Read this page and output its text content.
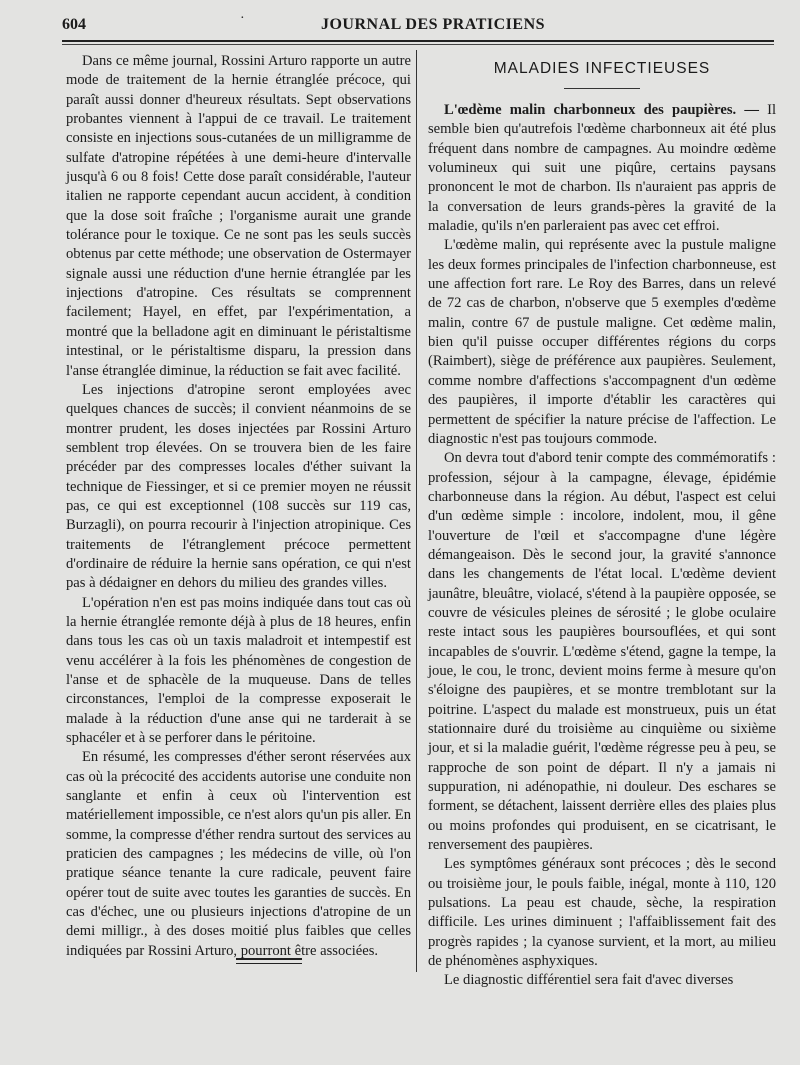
604	·	JOURNAL DES PRATICIENS

Dans ce même journal, Rossini Arturo rapporte un autre mode de traitement de la hernie étranglée précoce, qui paraît aussi donner d'heureux résultats. Sept observations probantes viennent à l'appui de ce travail. Le traitement consiste en injections sous-cutanées de un milligramme de sulfate d'atropine répétées à une demi-heure d'intervalle jusqu'à 6 ou 8 fois! Cette dose paraît considérable, l'auteur italien ne rapporte cependant aucun accident, à condition que la dose soit fraîche ; l'organisme aurait une grande tolérance pour le toxique. Ce ne sont pas les seuls succès obtenus par cette méthode; une observation de Ostermayer signale aussi une réduction d'une hernie étranglée par les injections d'atropine. Ces résultats se comprennent facilement; Hayel, en effet, par l'expérimentation, a montré que la belladone agit en diminuant le péristaltisme intestinal, or le péristaltisme disparu, la pression dans l'anse étranglée diminue, la réduction se fait avec facilité.

Les injections d'atropine seront employées avec quelques chances de succès; il convient néanmoins de se montrer prudent, les doses injectées par Rossini Arturo semblent trop élevées. On se trouvera bien de les faire précéder par des compresses locales d'éther suivant la technique de Fiessinger, et si ce premier moyen ne réussit pas, ce qui est exceptionnel (108 succès sur 119 cas, Burzagli), on pourra recourir à l'injection atropinique. Ces traitements de l'étranglement précoce permettent d'ordinaire de réduire la hernie sans opération, ce qui n'est pas à dédaigner en dehors du milieu des grandes villes.

L'opération n'en est pas moins indiquée dans tout cas où la hernie étranglée remonte déjà à plus de 18 heures, enfin dans tous les cas où un taxis maladroit et intempestif est venu accélérer à la fois les phénomènes de congestion de l'anse et de sphacèle de la muqueuse. Dans de telles circonstances, l'emploi de la compresse exposerait le malade à la réduction d'une anse qui ne tarderait à se sphacéler et à se perforer dans le péritoine.

En résumé, les compresses d'éther seront réservées aux cas où la précocité des accidents autorise une conduite non sanglante et enfin à ceux où l'intervention est matériellement impossible, ce n'est alors qu'un pis aller. En somme, la compresse d'éther rendra surtout des services au praticien des campagnes ; les médecins de ville, où l'on pratique séance tenante la cure radicale, peuvent faire opérer tout de suite avec toutes les garanties de succès. En cas d'échec, une ou plusieurs injections d'atropine de un demi milligr., à des doses moitié plus faibles que celles indiquées par Rossini Arturo, pourront être associées.

MALADIES INFECTIEUSES

L'œdème malin charbonneux des paupières. — Il semble bien qu'autrefois l'œdème charbonneux ait été plus fréquent dans nombre de campagnes. Au moindre œdème volumineux qui suit une piqûre, certains paysans prononcent le mot de charbon. Ils n'auraient pas appris de la conversation de leurs grands-pères la gravité de la maladie, qu'ils n'en parleraient pas avec cet effroi.

L'œdème malin, qui représente avec la pustule maligne les deux formes principales de l'infection charbonneuse, est une affection fort rare. Le Roy des Barres, dans un relevé de 72 cas de charbon, n'observe que 5 exemples d'œdème malin, contre 67 de pustule maligne. Cet œdème malin, bien qu'il puisse occuper différentes régions du corps (Raimbert), siège de préférence aux paupières. Seulement, comme nombre d'affections s'accompagnent d'un œdème des paupières, il importe d'établir les caractères qui permettent de spécifier la nature précise de l'affection. Le diagnostic n'est pas toujours commode.

On devra tout d'abord tenir compte des commémoratifs : profession, séjour à la campagne, élevage, épidémie charbonneuse dans la région. Au début, l'aspect est celui d'un œdème simple : incolore, indolent, mou, il gêne l'ouverture de l'œil et s'accompagne d'une légère démangeaison. Dès le second jour, la gravité s'annonce dans les changements de l'état local. L'œdème devient jaunâtre, bleuâtre, violacé, s'étend à la paupière opposée, se couvre de vésicules pleines de sérosité ; le globe oculaire reste intact sous les paupières boursouflées, et qui sont incapables de s'ouvrir. L'œdème s'étend, gagne la tempe, la joue, le cou, le tronc, devient moins ferme à mesure qu'on s'éloigne des paupières, et se montre tremblotant sur la poitrine. L'aspect du malade est monstrueux, puis un état stationnaire duré du troisième au cinquième ou sixième jour, et si la maladie guérit, l'œdème régresse peu à peu, se rapproche de son point de départ. Il n'y a jamais ni suppuration, ni adénopathie, ni douleur. Des eschares se forment, se détachent, laissent derrière elles des plaies plus ou moins profondes qui produisent, en se cicatrisant, le renversement des paupières.

Les symptômes généraux sont précoces ; dès le second ou troisième jour, le pouls faible, inégal, monte à 110, 120 pulsations. La peau est chaude, sèche, la respiration difficile. Les urines diminuent ; l'affaiblissement fait des progrès rapides ; la cyanose survient, et la mort, au milieu de phénomènes asphyxiques.

Le diagnostic différentiel sera fait d'avec diverses
